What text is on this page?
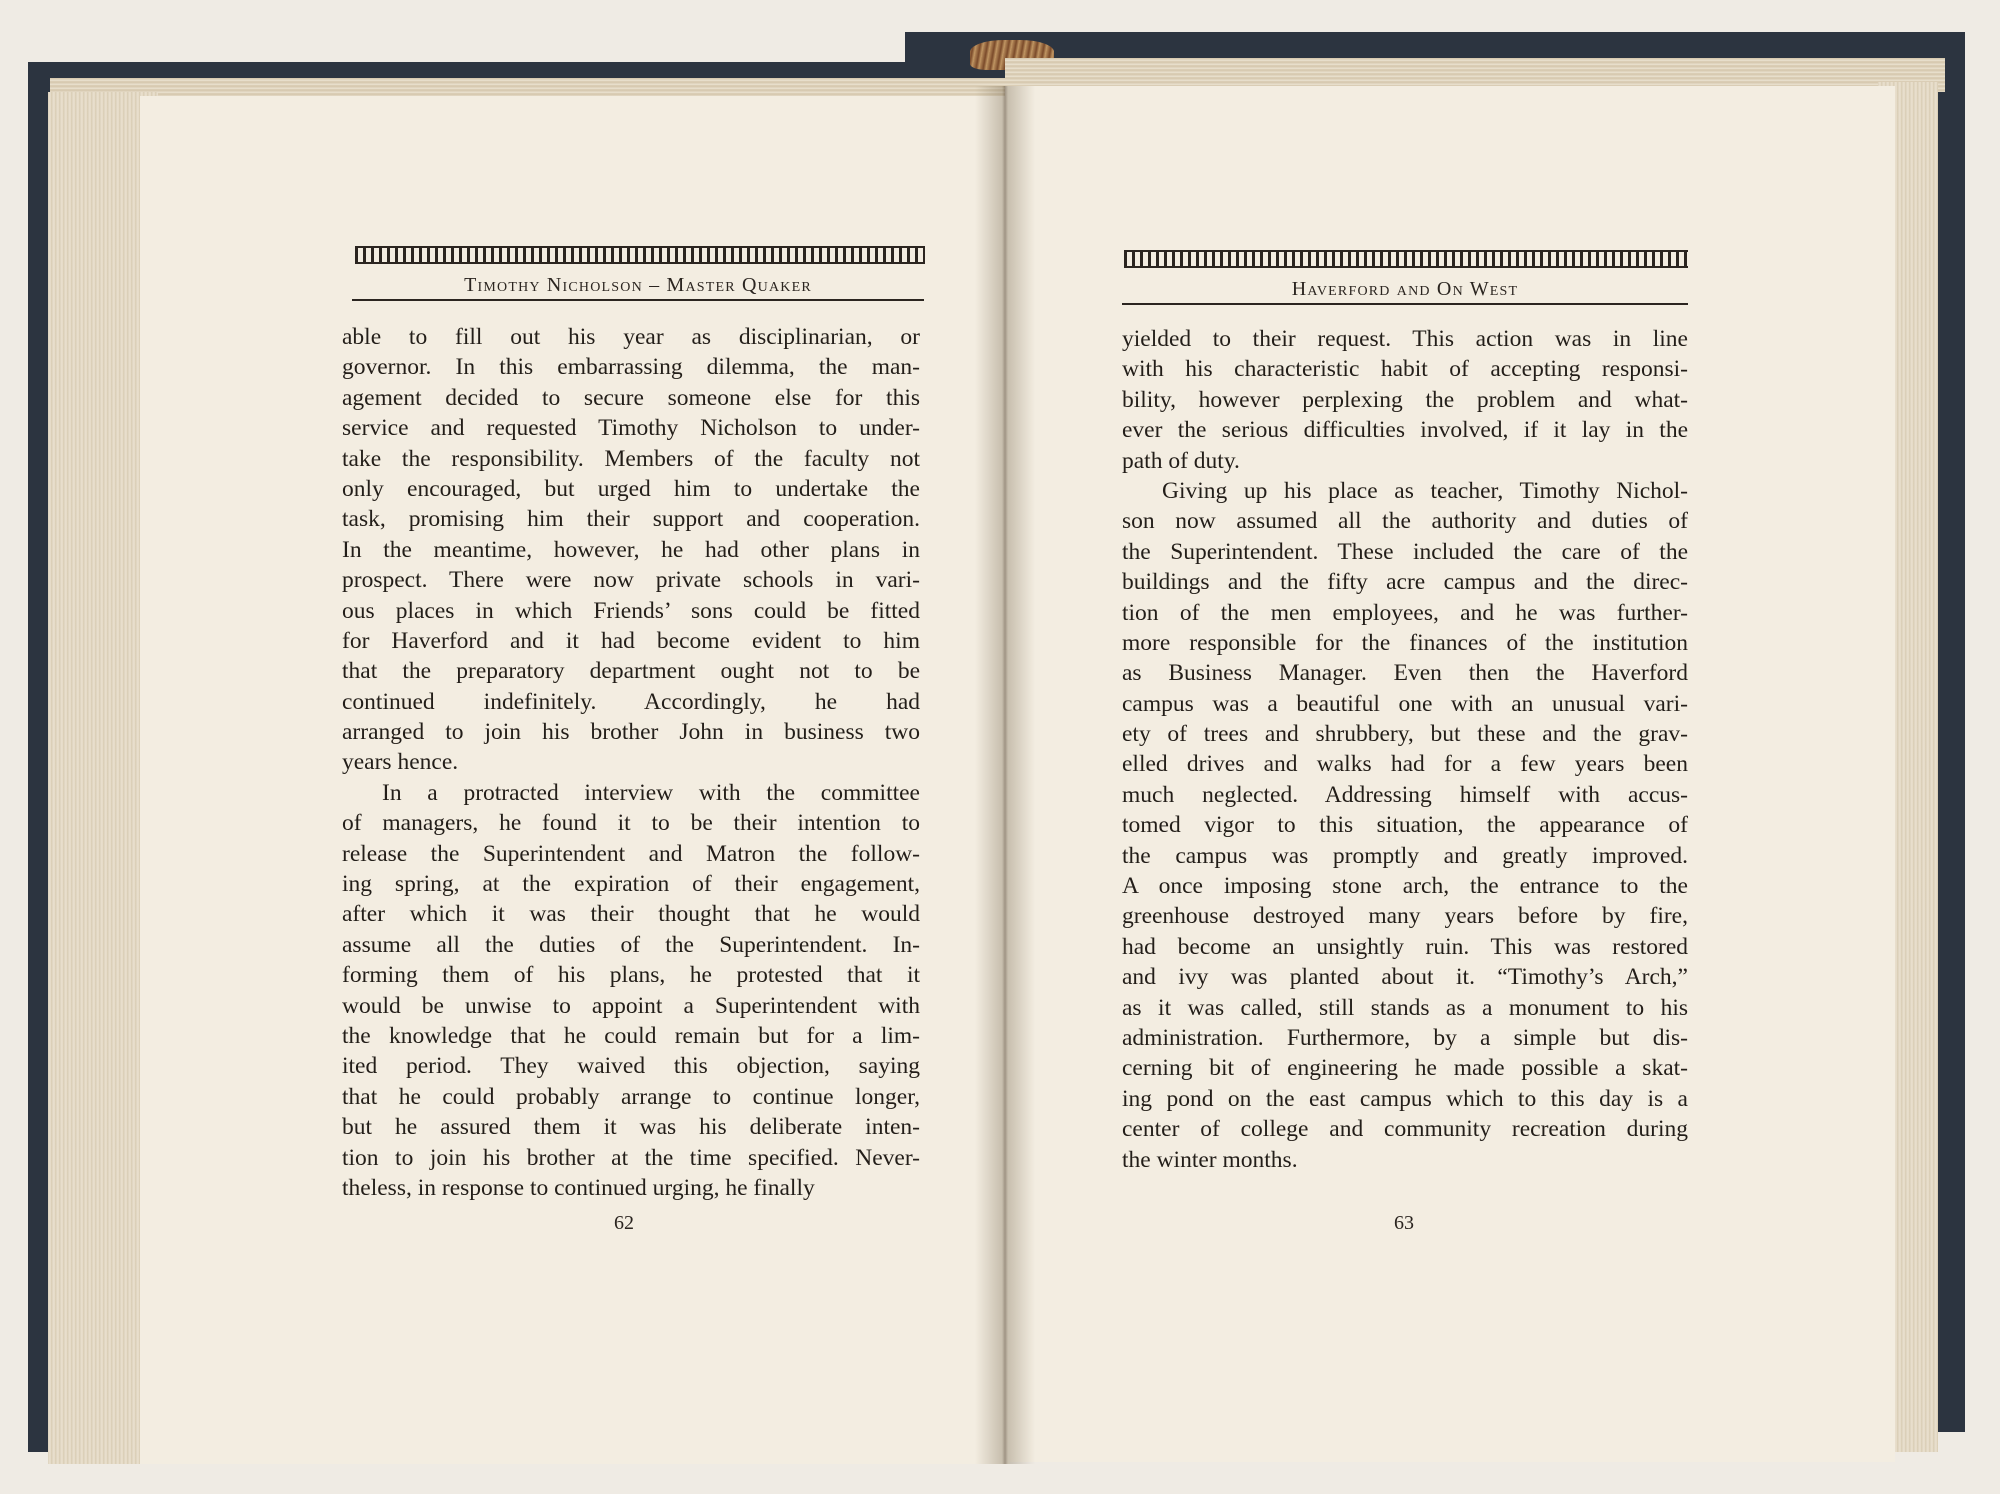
Timothy Nicholson – Master Quaker
able to fill out his year as disciplinarian, or
governor. In this embarrassing dilemma, the man-
agement decided to secure someone else for this
service and requested Timothy Nicholson to under-
take the responsibility. Members of the faculty not
only encouraged, but urged him to undertake the
task, promising him their support and cooperation.
In the meantime, however, he had other plans in
prospect. There were now private schools in vari-
ous places in which Friends’ sons could be fitted
for Haverford and it had become evident to him
that the preparatory department ought not to be
continued indefinitely. Accordingly, he had
arranged to join his brother John in business two
years hence.
In a protracted interview with the committee
of managers, he found it to be their intention to
release the Superintendent and Matron the follow-
ing spring, at the expiration of their engagement,
after which it was their thought that he would
assume all the duties of the Superintendent. In-
forming them of his plans, he protested that it
would be unwise to appoint a Superintendent with
the knowledge that he could remain but for a lim-
ited period. They waived this objection, saying
that he could probably arrange to continue longer,
but he assured them it was his deliberate inten-
tion to join his brother at the time specified. Never-
theless, in response to continued urging, he finally
62
Haverford and On West
yielded to their request. This action was in line
with his characteristic habit of accepting responsi-
bility, however perplexing the problem and what-
ever the serious difficulties involved, if it lay in the
path of duty.
Giving up his place as teacher, Timothy Nichol-
son now assumed all the authority and duties of
the Superintendent. These included the care of the
buildings and the fifty acre campus and the direc-
tion of the men employees, and he was further-
more responsible for the finances of the institution
as Business Manager. Even then the Haverford
campus was a beautiful one with an unusual vari-
ety of trees and shrubbery, but these and the grav-
elled drives and walks had for a few years been
much neglected. Addressing himself with accus-
tomed vigor to this situation, the appearance of
the campus was promptly and greatly improved.
A once imposing stone arch, the entrance to the
greenhouse destroyed many years before by fire,
had become an unsightly ruin. This was restored
and ivy was planted about it. “Timothy’s Arch,”
as it was called, still stands as a monument to his
administration. Furthermore, by a simple but dis-
cerning bit of engineering he made possible a skat-
ing pond on the east campus which to this day is a
center of college and community recreation during
the winter months.
63
